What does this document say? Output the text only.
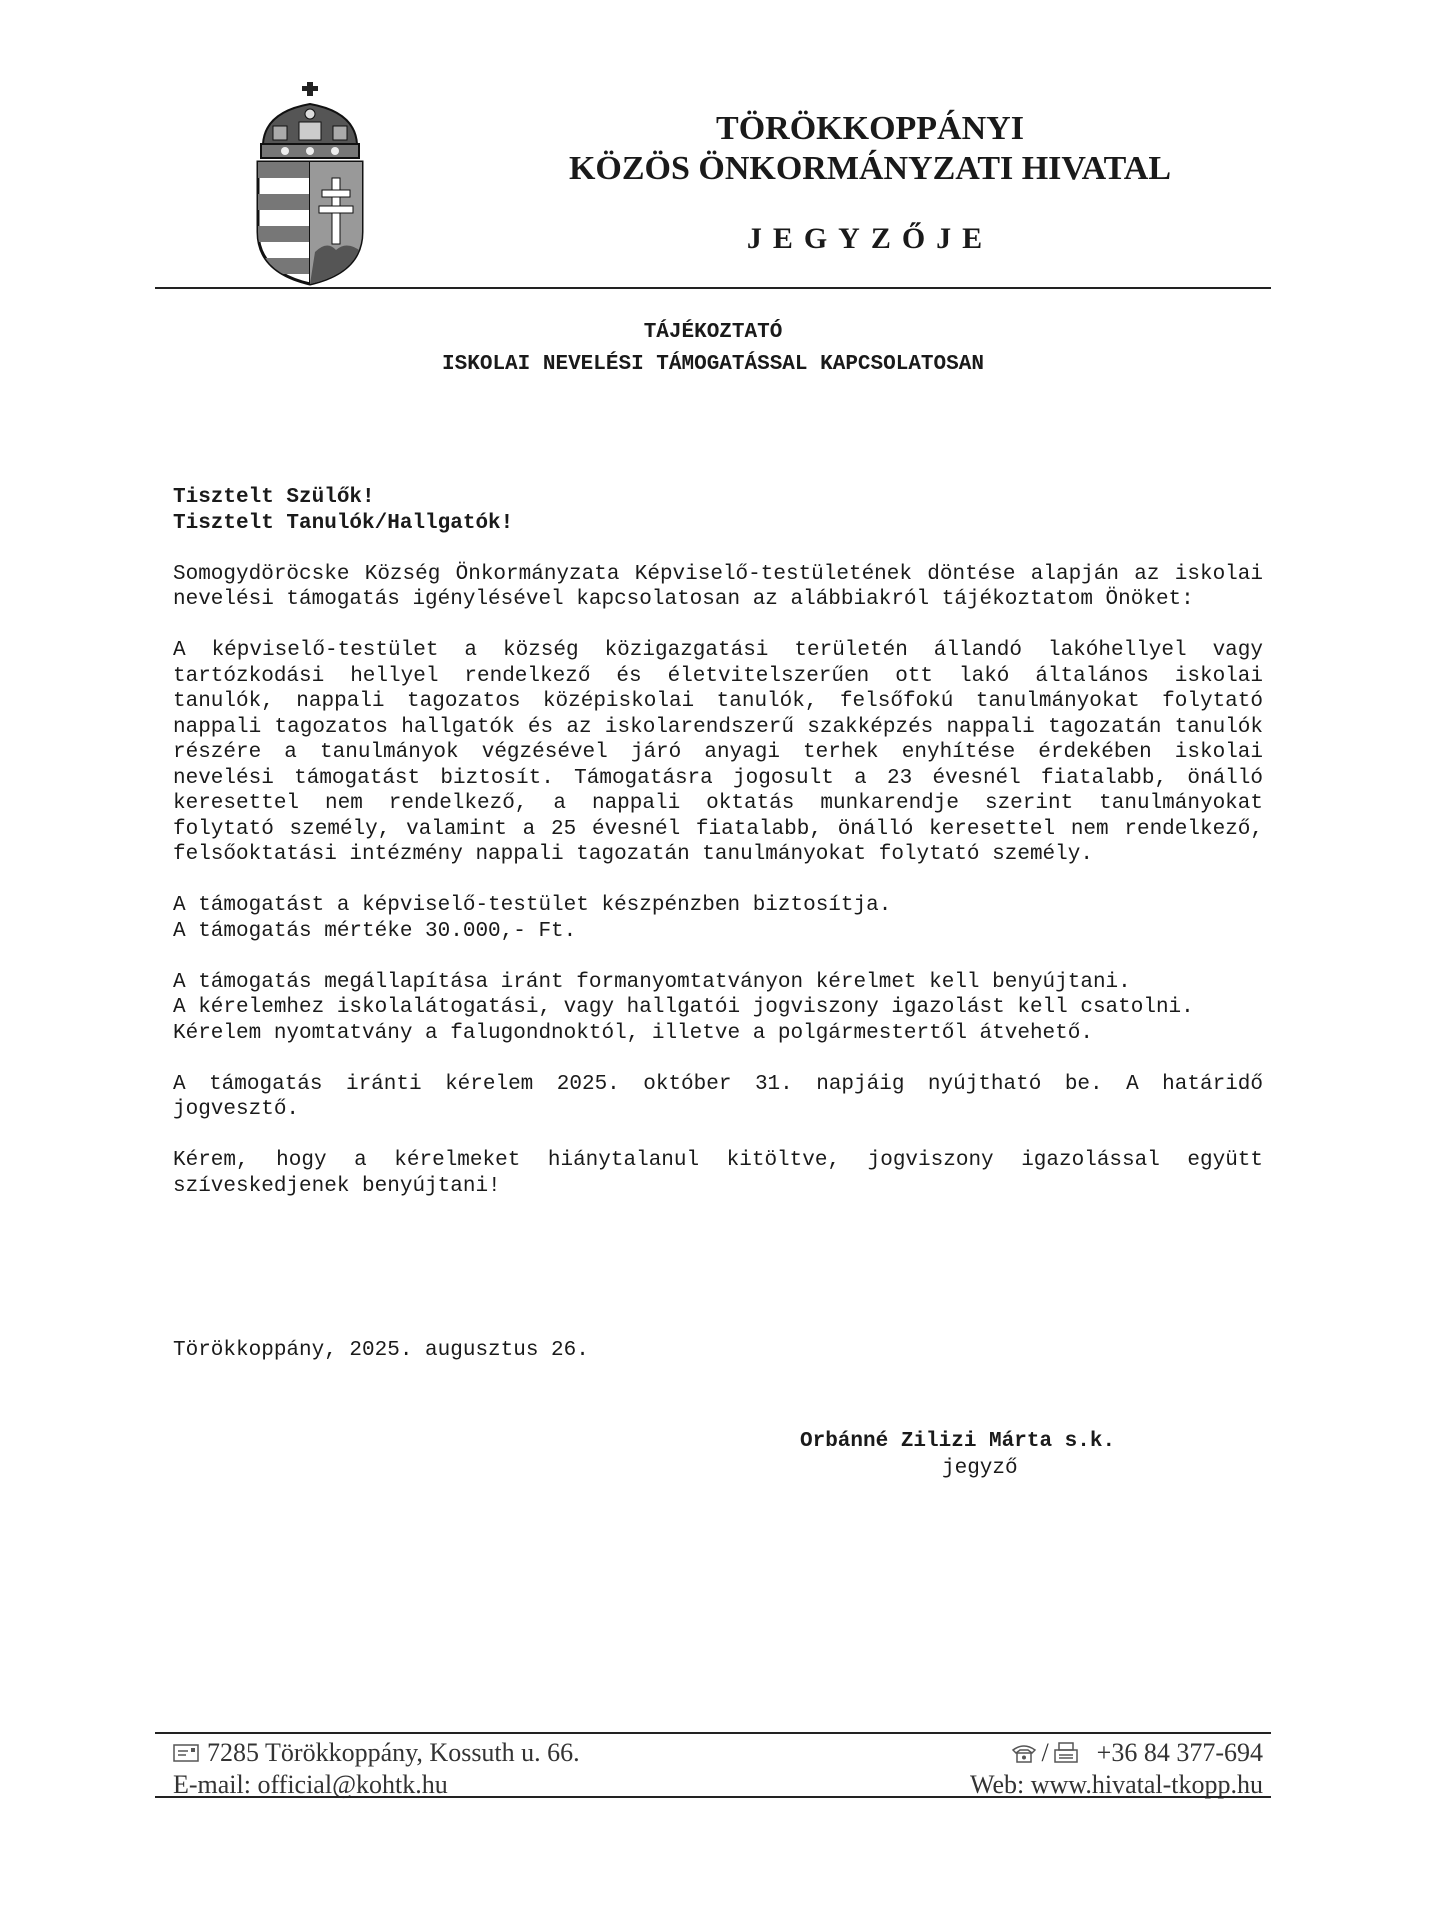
TÖRÖKKOPPÁNYI
KÖZÖS ÖNKORMÁNYZATI HIVATAL
JEGYZŐJE

TÁJÉKOZTATÓ

ISKOLAI NEVELÉSI TÁMOGATÁSSAL KAPCSOLATOSAN

Tisztelt Szülők!
Tisztelt Tanulók/Hallgatók!

Somogydöröcske Község Önkormányzata Képviselő-testületének döntése alapján az iskolai nevelési támogatás igénylésével kapcsolatosan az alábbiakról tájékoztatom Önöket:

A képviselő-testület a község közigazgatási területén állandó lakóhellyel vagy tartózkodási hellyel rendelkező és életvitelszerűen ott lakó általános iskolai tanulók, nappali tagozatos középiskolai tanulók, felsőfokú tanulmányokat folytató nappali tagozatos hallgatók és az iskolarendszerű szakképzés nappali tagozatán tanulók részére a tanulmányok végzésével járó anyagi terhek enyhítése érdekében iskolai nevelési támogatást biztosít. Támogatásra jogosult a 23 évesnél fiatalabb, önálló keresettel nem rendelkező, a nappali oktatás munkarendje szerint tanulmányokat folytató személy, valamint a 25 évesnél fiatalabb, önálló keresettel nem rendelkező, felsőoktatási intézmény nappali tagozatán tanulmányokat folytató személy.

A támogatást a képviselő-testület készpénzben biztosítja.
A támogatás mértéke 30.000,- Ft.

A támogatás megállapítása iránt formanyomtatványon kérelmet kell benyújtani.
A kérelemhez iskolalátogatási, vagy hallgatói jogviszony igazolást kell csatolni.
Kérelem nyomtatvány a falugondnoktól, illetve a polgármestertől átvehető.

A támogatás iránti kérelem 2025. október 31. napjáig nyújtható be. A határidő jogvesztő.

Kérem, hogy a kérelmeket hiánytalanul kitöltve, jogviszony igazolással együtt szíveskedjenek benyújtani!

Törökkoppány, 2025. augusztus 26.

Orbánné Zilizi Márta s.k.

jegyző

7285 Törökkoppány, Kossuth u. 66.	/ +36 84 377-694
E-mail: official@kohtk.hu	Web: www.hivatal-tkopp.hu
